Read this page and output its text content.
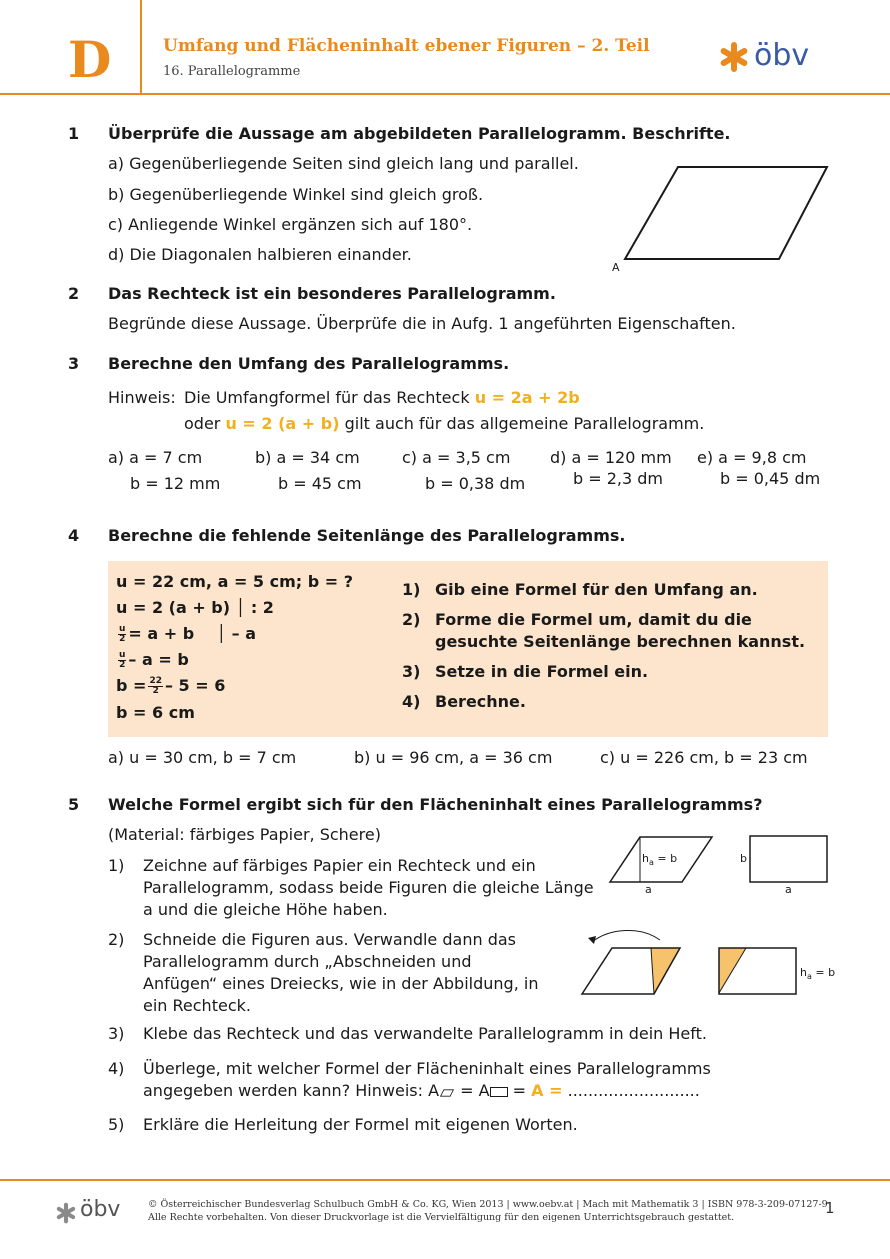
D	Umfang und Flächeninhalt ebener Figuren – 2. Teil
16. Parallelogramme	öbv
1 Überprüfe die Aussage am abgebildeten Parallelogramm. Beschrifte.
a) Gegenüberliegende Seiten sind gleich lang und parallel.
b) Gegenüberliegende Winkel sind gleich groß.
c) Anliegende Winkel ergänzen sich auf 180°.
d) Die Diagonalen halbieren einander.
A
2 Das Rechteck ist ein besonderes Parallelogramm.
Begründe diese Aussage. Überprüfe die in Aufg. 1 angeführten Eigenschaften.
3 Berechne den Umfang des Parallelogramms.
Hinweis: Die Umfangformel für das Rechteck u = 2a + 2b
oder u = 2 (a + b) gilt auch für das allgemeine Parallelogramm.
a) a = 7 cm
b = 12 mm
b) a = 34 cm
b = 45 cm
c) a = 3,5 cm
b = 0,38 dm
d) a = 120 mm
b = 2,3 dm
e) a = 9,8 cm
b = 0,45 dm
4 Berechne die fehlende Seitenlänge des Parallelogramms.
u = 22 cm, a = 5 cm; b = ?
u = 2 (a + b) │ : 2
$\frac{u}{2} = a + b$    │ – a
$\frac{u}{2} - a = b$
$b = \frac{22}{2} - 5 = 6$
b = 6 cm
1) Gib eine Formel für den Umfang an.
2) Forme die Formel um, damit du die
gesuchte Seitenlänge berechnen kannst.
3) Setze in die Formel ein.
4) Berechne.
a) u = 30 cm, b = 7 cm	b) u = 96 cm, a = 36 cm	c) u = 226 cm, b = 23 cm
5 Welche Formel ergibt sich für den Flächeninhalt eines Parallelogramms?
(Material: färbiges Papier, Schere)
1) Zeichne auf färbiges Papier ein Rechteck und ein
Parallelogramm, sodass beide Figuren die gleiche Länge
a und die gleiche Höhe haben.
2) Schneide die Figuren aus. Verwandle dann das
Parallelogramm durch „Abschneiden und
Anfügen“ eines Dreiecks, wie in der Abbildung, in
ein Rechteck.
3) Klebe das Rechteck und das verwandelte Parallelogramm in dein Heft.
4) Überlege, mit welcher Formel der Flächeninhalt eines Parallelogramms
angegeben werden kann? Hinweis: A = A = A = ..........................
5) Erkläre die Herleitung der Formel mit eigenen Worten.
$h_a = b$
a
b
a
$h_a = b$
öbv	© Österreichischer Bundesverlag Schulbuch GmbH & Co. KG, Wien 2013 | www.oebv.at | Mach mit Mathematik 3 | ISBN 978-3-209-07127-9
Alle Rechte vorbehalten. Von dieser Druckvorlage ist die Vervielfältigung für den eigenen Unterrichtsgebrauch gestattet.
1
